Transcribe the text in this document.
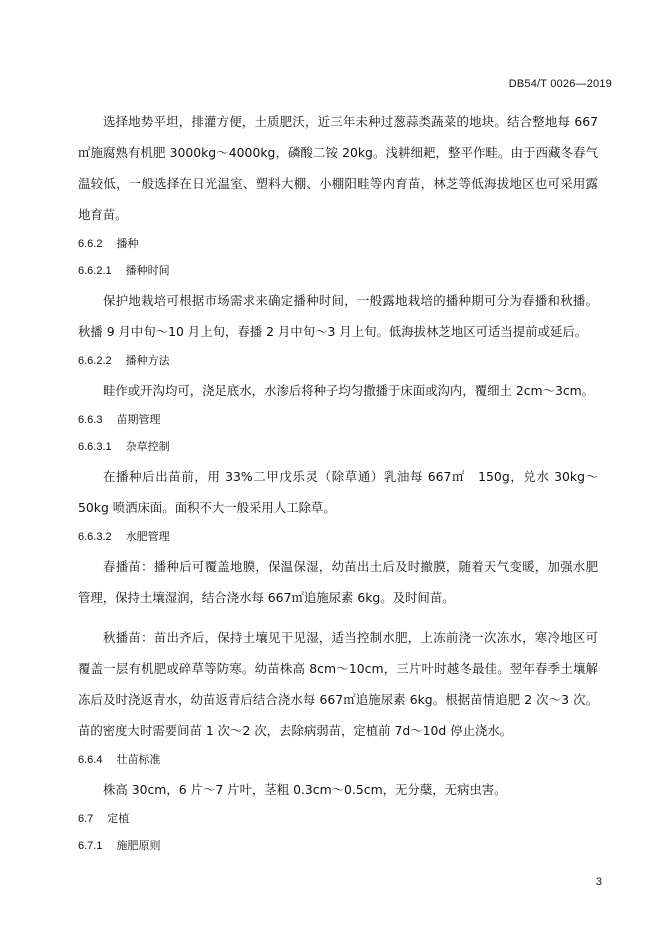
DB54/T 0026—2019

选择地势平坦，排灌方便，土质肥沃，近三年未种过葱蒜类蔬菜的地块。结合整地每 667㎡施腐熟有机肥 3000kg～4000kg，磷酸二铵 20kg。浅耕细耙，整平作畦。由于西藏冬春气温较低，一般选择在日光温室、塑料大棚、小棚阳畦等内育苗，林芝等低海拔地区也可采用露地育苗。

6.6.2 播种
6.6.2.1 播种时间

保护地栽培可根据市场需求来确定播种时间，一般露地栽培的播种期可分为春播和秋播。秋播 9 月中旬～10 月上旬，春播 2 月中旬～3 月上旬。低海拔林芝地区可适当提前或延后。

6.6.2.2 播种方法

畦作或开沟均可，浇足底水，水渗后将种子均匀撒播于床面或沟内，覆细土 2cm～3cm。

6.6.3 苗期管理
6.6.3.1 杂草控制

在播种后出苗前，用 33%二甲戊乐灵（除草通）乳油每 667㎡　150g，兑水 30kg～50kg 喷洒床面。面积不大一般采用人工除草。

6.6.3.2 水肥管理

春播苗：播种后可覆盖地膜，保温保湿，幼苗出土后及时撤膜，随着天气变暖，加强水肥管理，保持土壤湿润，结合浇水每 667㎡追施尿素 6kg。及时间苗。

秋播苗：苗出齐后，保持土壤见干见湿，适当控制水肥，上冻前浇一次冻水，寒冷地区可覆盖一层有机肥或碎草等防寒。幼苗株高 8cm～10cm，三片叶时越冬最佳。翌年春季土壤解冻后及时浇返青水，幼苗返青后结合浇水每 667㎡追施尿素 6kg。根据苗情追肥 2 次～3 次。苗的密度大时需要间苗 1 次～2 次，去除病弱苗，定植前 7d～10d 停止浇水。

6.6.4 壮苗标准

株高 30cm，6 片～7 片叶，茎粗 0.3cm～0.5cm，无分蘖，无病虫害。

6.7 定植
6.7.1 施肥原则
3
